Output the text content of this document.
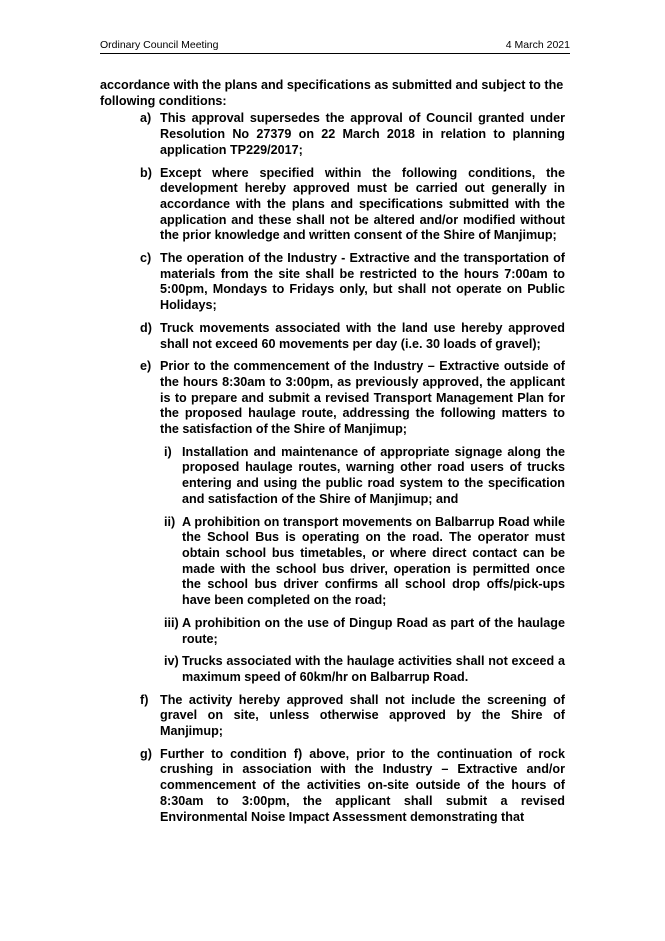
Ordinary Council Meeting	4 March 2021

accordance with the plans and specifications as submitted and subject to the following conditions:

a) This approval supersedes the approval of Council granted under Resolution No 27379 on 22 March 2018 in relation to planning application TP229/2017;
b) Except where specified within the following conditions, the development hereby approved must be carried out generally in accordance with the plans and specifications submitted with the application and these shall not be altered and/or modified without the prior knowledge and written consent of the Shire of Manjimup;
c) The operation of the Industry - Extractive and the transportation of materials from the site shall be restricted to the hours 7:00am to 5:00pm, Mondays to Fridays only, but shall not operate on Public Holidays;
d) Truck movements associated with the land use hereby approved shall not exceed 60 movements per day (i.e. 30 loads of gravel);
e) Prior to the commencement of the Industry – Extractive outside of the hours 8:30am to 3:00pm, as previously approved, the applicant is to prepare and submit a revised Transport Management Plan for the proposed haulage route, addressing the following matters to the satisfaction of the Shire of Manjimup;
i) Installation and maintenance of appropriate signage along the proposed haulage routes, warning other road users of trucks entering and using the public road system to the specification and satisfaction of the Shire of Manjimup; and
ii) A prohibition on transport movements on Balbarrup Road while the School Bus is operating on the road. The operator must obtain school bus timetables, or where direct contact can be made with the school bus driver, operation is permitted once the school bus driver confirms all school drop offs/pick-ups have been completed on the road;
iii) A prohibition on the use of Dingup Road as part of the haulage route;
iv) Trucks associated with the haulage activities shall not exceed a maximum speed of 60km/hr on Balbarrup Road.
f) The activity hereby approved shall not include the screening of gravel on site, unless otherwise approved by the Shire of Manjimup;
g) Further to condition f) above, prior to the continuation of rock crushing in association with the Industry – Extractive and/or commencement of the activities on-site outside of the hours of 8:30am to 3:00pm, the applicant shall submit a revised Environmental Noise Impact Assessment demonstrating that
